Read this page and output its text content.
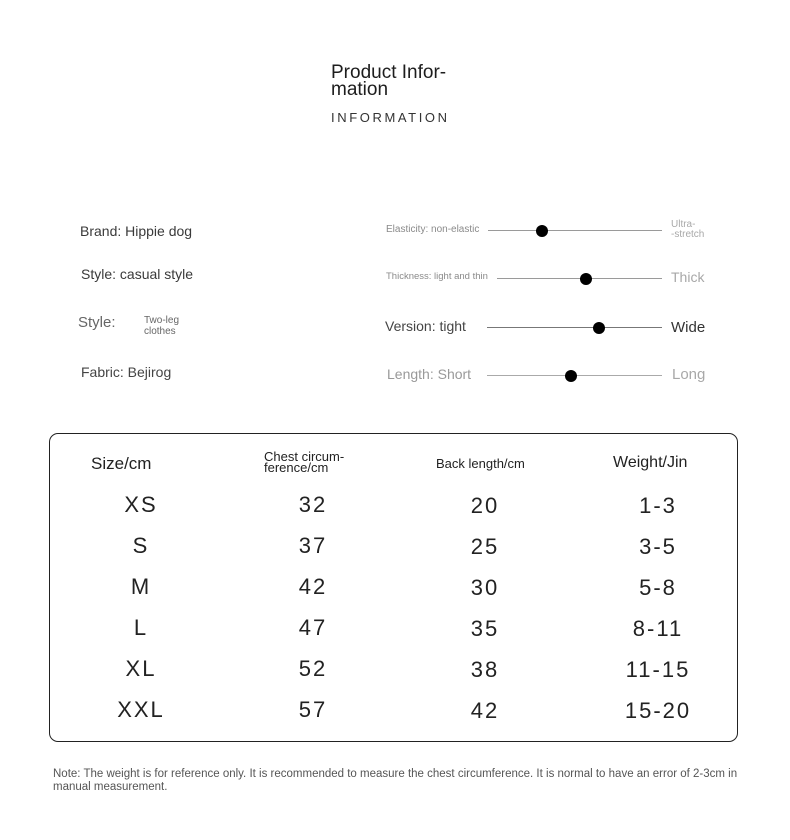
Product Infor-
mation
INFORMATION
Brand: Hippie dog
Style: casual style
Style:	Two-leg
clothes
Fabric: Bejirog
Elasticity: non-elastic	Ultra-
-stretch
Thickness: light and thin	Thick
Version: tight	Wide
Length: Short	Long
Size/cm	Chest circum-
ference/cm	Back length/cm	Weight/Jin
XS	32	20	1-3
S	37	25	3-5
M	42	30	5-8
L	47	35	8-11
XL	52	38	11-15
XXL	57	42	15-20
Note: The weight is for reference only. It is recommended to measure the chest circumference. It is normal to have an error of 2-3cm in manual measurement.
